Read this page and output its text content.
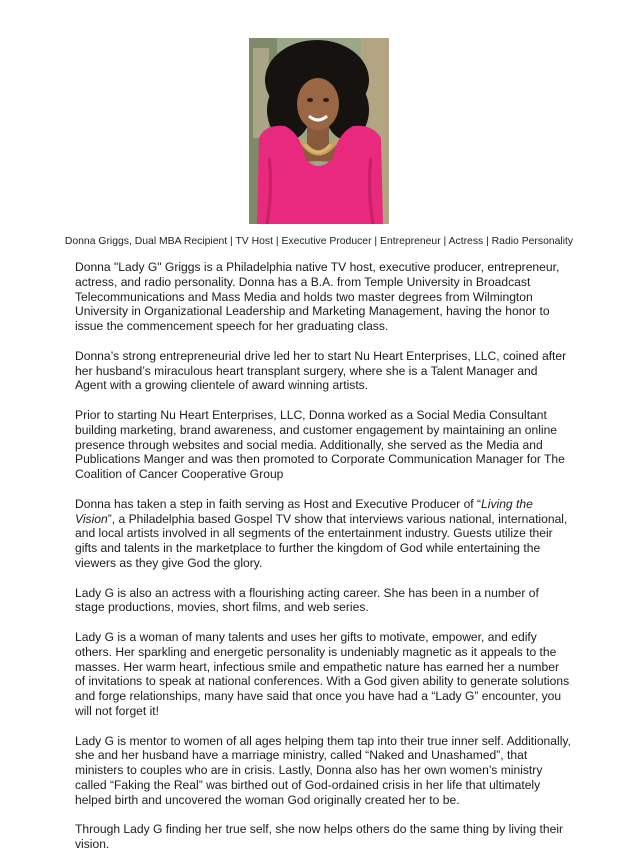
Donna Griggs, Dual MBA Recipient | TV Host | Executive Producer | Entrepreneur | Actress | Radio Personality

Donna "Lady G" Griggs is a Philadelphia native TV host, executive producer, entrepreneur, actress, and radio personality. Donna has a B.A. from Temple University in Broadcast Telecommunications and Mass Media and holds two master degrees from Wilmington University in Organizational Leadership and Marketing Management, having the honor to issue the commencement speech for her graduating class.

Donna’s strong entrepreneurial drive led her to start Nu Heart Enterprises, LLC, coined after her husband’s miraculous heart transplant surgery, where she is a Talent Manager and Agent with a growing clientele of award winning artists.

Prior to starting Nu Heart Enterprises, LLC, Donna worked as a Social Media Consultant building marketing, brand awareness, and customer engagement by maintaining an online presence through websites and social media. Additionally, she served as the Media and Publications Manger and was then promoted to Corporate Communication Manager for The Coalition of Cancer Cooperative Group

Donna has taken a step in faith serving as Host and Executive Producer of “Living the Vision”, a Philadelphia based Gospel TV show that interviews various national, international, and local artists involved in all segments of the entertainment industry. Guests utilize their gifts and talents in the marketplace to further the kingdom of God while entertaining the viewers as they give God the glory.

Lady G is also an actress with a flourishing acting career. She has been in a number of stage productions, movies, short films, and web series.

Lady G is a woman of many talents and uses her gifts to motivate, empower, and edify others. Her sparkling and energetic personality is undeniably magnetic as it appeals to the masses. Her warm heart, infectious smile and empathetic nature has earned her a number of invitations to speak at national conferences. With a God given ability to generate solutions and forge relationships, many have said that once you have had a “Lady G” encounter, you will not forget it!

Lady G is mentor to women of all ages helping them tap into their true inner self. Additionally, she and her husband have a marriage ministry, called “Naked and Unashamed”, that ministers to couples who are in crisis. Lastly, Donna also has her own women’s ministry called “Faking the Real” was birthed out of God-ordained crisis in her life that ultimately helped birth and uncovered the woman God originally created her to be.

Through Lady G finding her true self, she now helps others do the same thing by living their vision.
